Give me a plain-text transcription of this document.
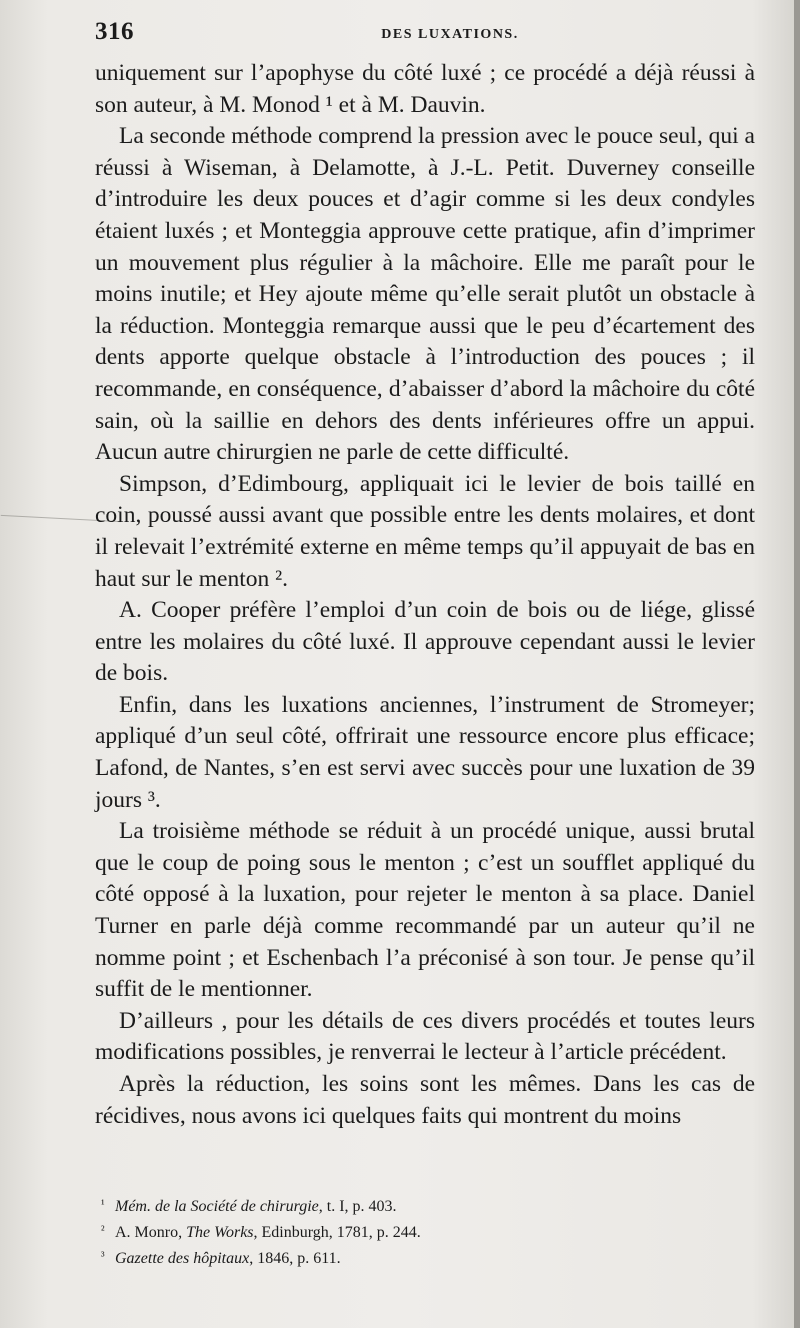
316	DES LUXATIONS.

uniquement sur l’apophyse du côté luxé ; ce procédé a déjà réussi à son auteur, à M. Monod ¹ et à M. Dauvin.

La seconde méthode comprend la pression avec le pouce seul, qui a réussi à Wiseman, à Delamotte, à J.-L. Petit. Duverney conseille d’introduire les deux pouces et d’agir comme si les deux condyles étaient luxés ; et Monteggia approuve cette pratique, afin d’imprimer un mouvement plus régulier à la mâchoire. Elle me paraît pour le moins inutile; et Hey ajoute même qu’elle serait plutôt un obstacle à la réduction. Monteggia remarque aussi que le peu d’écartement des dents apporte quelque obstacle à l’introduction des pouces ; il recommande, en conséquence, d’abaisser d’abord la mâchoire du côté sain, où la saillie en dehors des dents inférieures offre un appui. Aucun autre chirurgien ne parle de cette difficulté.

Simpson, d’Edimbourg, appliquait ici le levier de bois taillé en coin, poussé aussi avant que possible entre les dents molaires, et dont il relevait l’extrémité externe en même temps qu’il appuyait de bas en haut sur le menton ².

A. Cooper préfère l’emploi d’un coin de bois ou de liége, glissé entre les molaires du côté luxé. Il approuve cependant aussi le levier de bois.

Enfin, dans les luxations anciennes, l’instrument de Stromeyer; appliqué d’un seul côté, offrirait une ressource encore plus efficace; Lafond, de Nantes, s’en est servi avec succès pour une luxation de 39 jours ³.

La troisième méthode se réduit à un procédé unique, aussi brutal que le coup de poing sous le menton ; c’est un soufflet appliqué du côté opposé à la luxation, pour rejeter le menton à sa place. Daniel Turner en parle déjà comme recommandé par un auteur qu’il ne nomme point ; et Eschenbach l’a préconisé à son tour. Je pense qu’il suffit de le mentionner.

D’ailleurs , pour les détails de ces divers procédés et toutes leurs modifications possibles, je renverrai le lecteur à l’article précédent.

Après la réduction, les soins sont les mêmes. Dans les cas de récidives, nous avons ici quelques faits qui montrent du moins

¹ Mém. de la Société de chirurgie, t. I, p. 403.
² A. Monro, The Works, Edinburgh, 1781, p. 244.
³ Gazette des hôpitaux, 1846, p. 611.
